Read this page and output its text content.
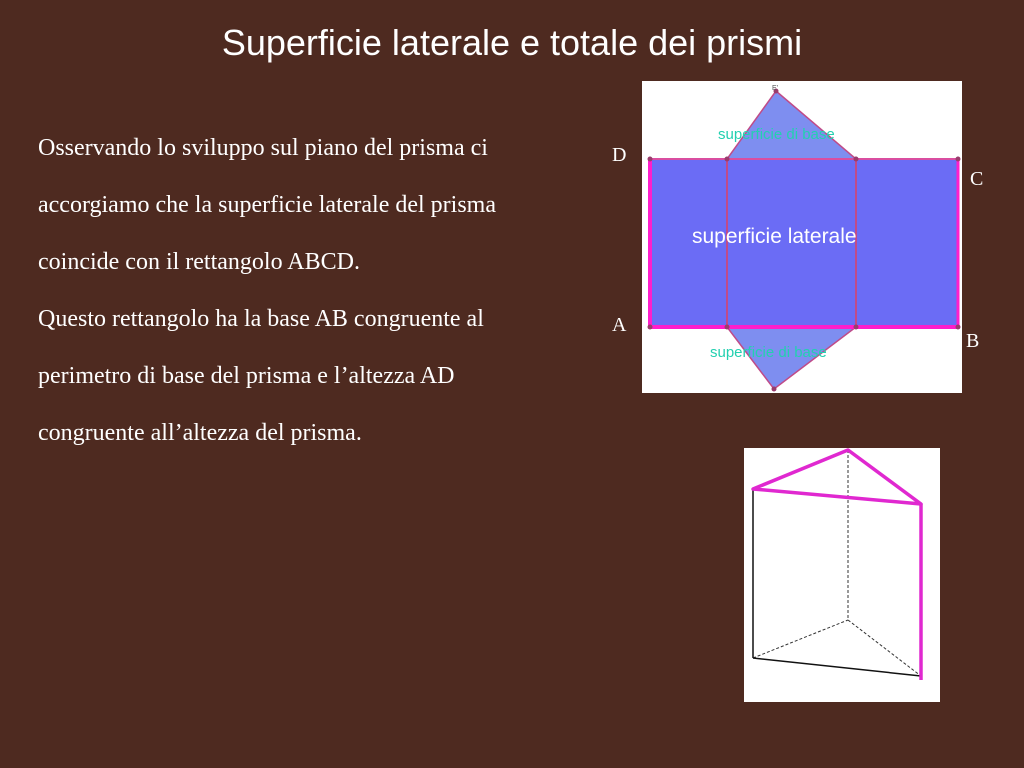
Superficie laterale e totale dei prismi

Osservando lo sviluppo sul piano del prisma ci accorgiamo che la superficie laterale del prisma coincide con il rettangolo ABCD.

Questo rettangolo ha la base AB congruente al perimetro di base del prisma e l’altezza AD congruente all’altezza del prisma.

E'
superficie di base
superficie laterale
superficie di base
D
C
A
B
